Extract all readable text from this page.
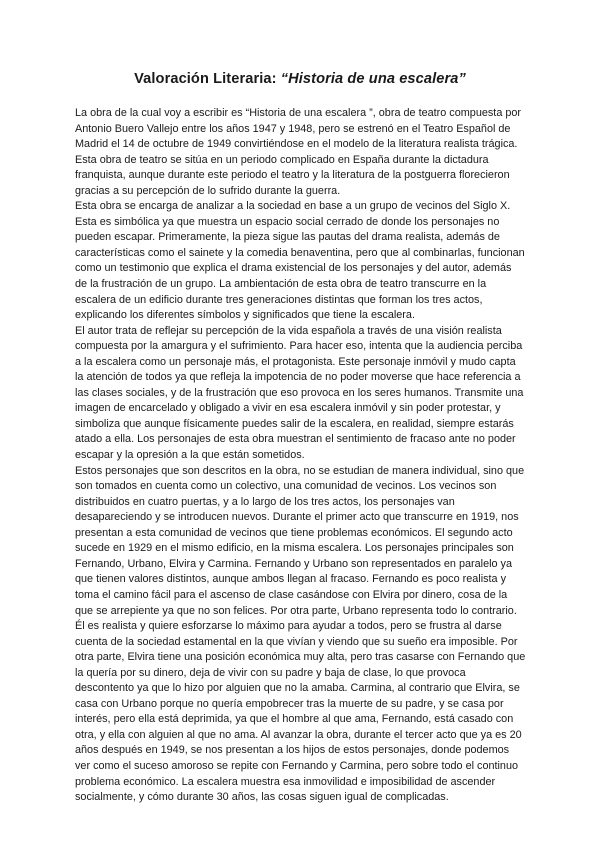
Valoración Literaria: “Historia de una escalera”

La obra de la cual voy a escribir es “Historia de una escalera ”, obra de teatro compuesta por Antonio Buero Vallejo entre los años 1947 y 1948, pero se estrenó en el Teatro Español de Madrid el 14 de octubre de 1949 convirtiéndose en el modelo de la literatura realista trágica. Esta obra de teatro se sitúa en un periodo complicado en España durante la dictadura franquista, aunque durante este periodo el teatro y la literatura de la postguerra florecieron gracias a su percepción de lo sufrido durante la guerra.

Esta obra se encarga de analizar a la sociedad en base a un grupo de vecinos del Siglo X. Esta es simbólica ya que muestra un espacio social cerrado de donde los personajes no pueden escapar. Primeramente, la pieza sigue las pautas del drama realista, además de características como el sainete y la comedia benaventina, pero que al combinarlas, funcionan como un testimonio que explica el drama existencial de los personajes y del autor, además de la frustración de un grupo. La ambientación de esta obra de teatro transcurre en la escalera de un edificio durante tres generaciones distintas que forman los tres actos, explicando los diferentes símbolos y significados que tiene la escalera.

El autor trata de reflejar su percepción de la vida española a través de una visión realista compuesta por la amargura y el sufrimiento. Para hacer eso, intenta que la audiencia perciba a la escalera como un personaje más, el protagonista. Este personaje inmóvil y mudo capta la atención de todos ya que refleja la impotencia de no poder moverse que hace referencia a las clases sociales, y de la frustración que eso provoca en los seres humanos. Transmite una imagen de encarcelado y obligado a vivir en esa escalera inmóvil y sin poder protestar, y simboliza que aunque físicamente puedes salir de la escalera, en realidad, siempre estarás atado a ella. Los personajes de esta obra muestran el sentimiento de fracaso ante no poder escapar y la opresión a la que están sometidos.

Estos personajes que son descritos en la obra, no se estudian de manera individual, sino que son tomados en cuenta como un colectivo, una comunidad de vecinos. Los vecinos son distribuidos en cuatro puertas, y a lo largo de los tres actos, los personajes van desapareciendo y se introducen nuevos. Durante el primer acto que transcurre en 1919, nos presentan a esta comunidad de vecinos que tiene problemas económicos. El segundo acto sucede en 1929 en el mismo edificio, en la misma escalera. Los personajes principales son Fernando, Urbano, Elvira y Carmina. Fernando y Urbano son representados en paralelo ya que tienen valores distintos, aunque ambos llegan al fracaso. Fernando es poco realista y toma el camino fácil para el ascenso de clase casándose con Elvira por dinero, cosa de la que se arrepiente ya que no son felices. Por otra parte, Urbano representa todo lo contrario. Él es realista y quiere esforzarse lo máximo para ayudar a todos, pero se frustra al darse cuenta de la sociedad estamental en la que vivían y viendo que su sueño era imposible. Por otra parte, Elvira tiene una posición económica muy alta, pero tras casarse con Fernando que la quería por su dinero, deja de vivir con su padre y baja de clase, lo que provoca descontento ya que lo hizo por alguien que no la amaba. Carmina, al contrario que Elvira, se casa con Urbano porque no quería empobrecer tras la muerte de su padre, y se casa por interés, pero ella está deprimida, ya que el hombre al que ama, Fernando, está casado con otra, y ella con alguien al que no ama. Al avanzar la obra, durante el tercer acto que ya es 20 años después en 1949, se nos presentan a los hijos de estos personajes, donde podemos ver como el suceso amoroso se repite con Fernando y Carmina, pero sobre todo el continuo problema económico. La escalera muestra esa inmovilidad e imposibilidad de ascender socialmente, y cómo durante 30 años, las cosas siguen igual de complicadas.
